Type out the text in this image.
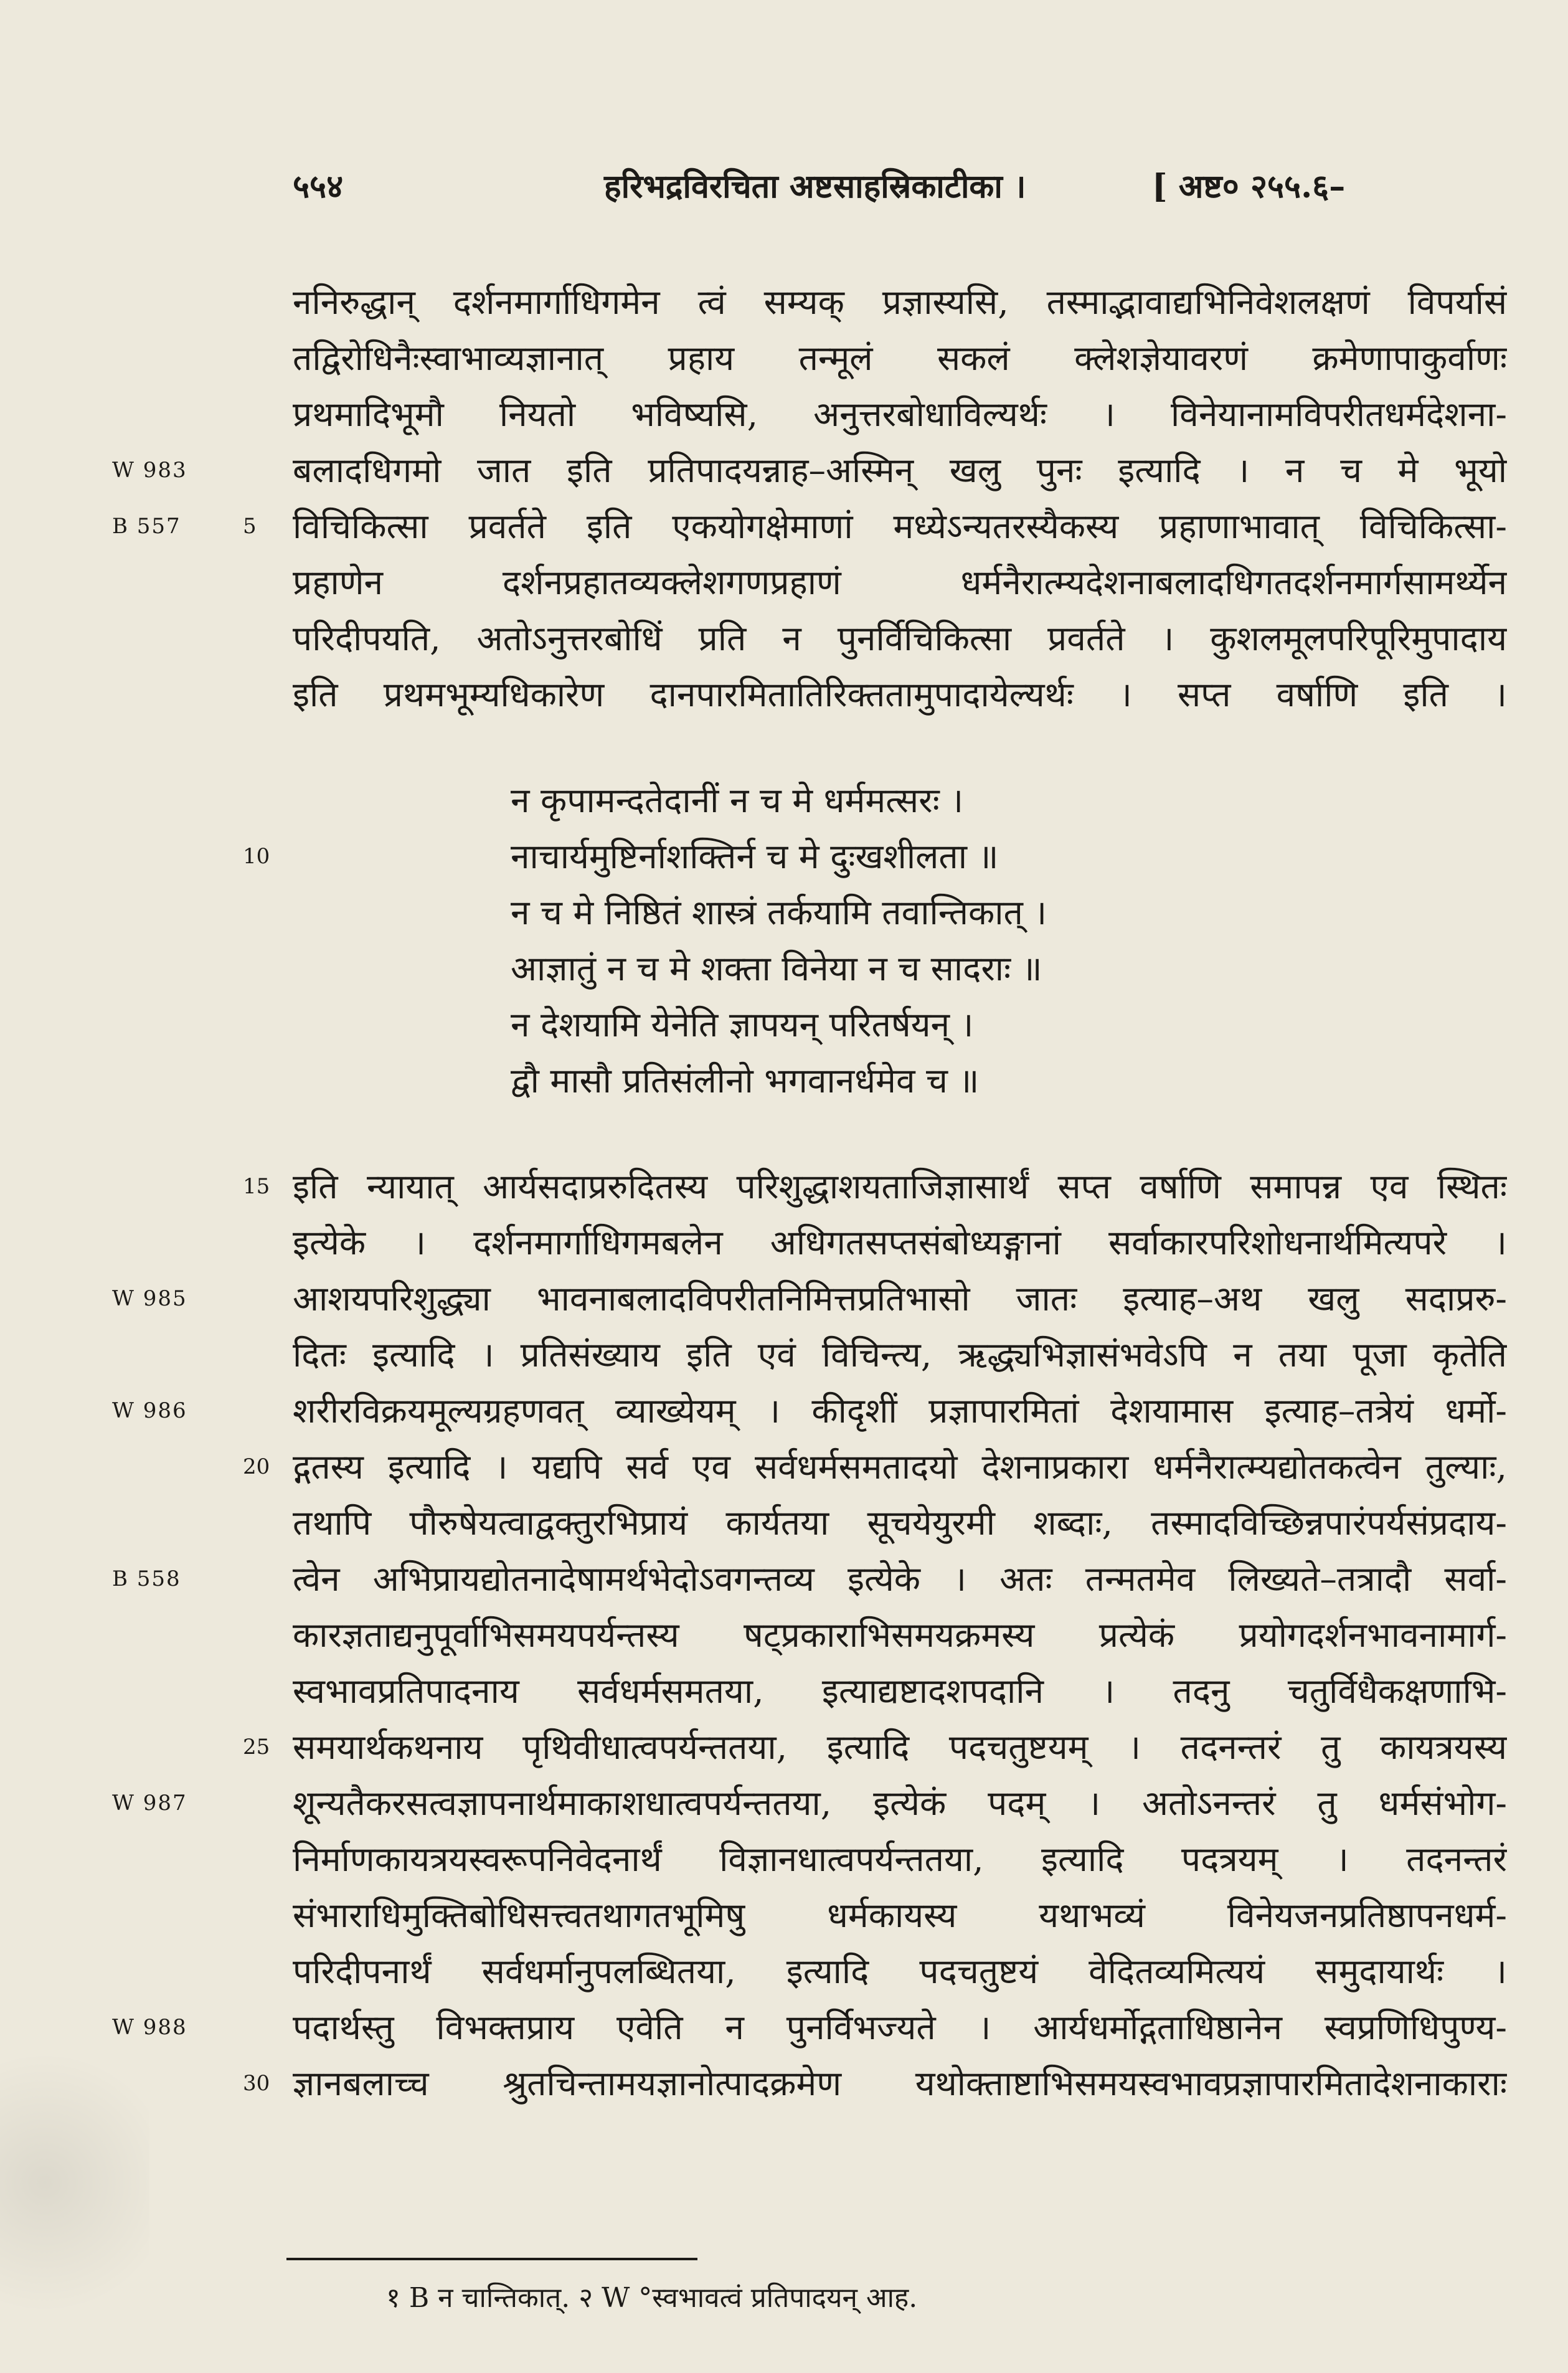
५५४	हरिभद्रविरचिता अष्टसाहस्रिकाटीका ।	[ अष्ट० २५५.६–
ननिरुद्धान् दर्शनमार्गाधिगमेन त्वं सम्यक् प्रज्ञास्यसि, तस्माद्भावाद्यभिनिवेशलक्षणं विपर्यासं
तद्विरोधिनैःस्वाभाव्यज्ञानात् प्रहाय तन्मूलं सकलं क्लेशज्ञेयावरणं क्रमेणापाकुर्वाणः
प्रथमादिभूमौ नियतो भविष्यसि, अनुत्तरबोधाविल्यर्थः । विनेयानामविपरीतधर्मदेशना-
बलादधिगमो जात इति प्रतिपादयन्नाह–अस्मिन् खलु पुनः इत्यादि । न च मे भूयो
विचिकित्सा प्रवर्तते इति एकयोगक्षेमाणां मध्येऽन्यतरस्यैकस्य प्रहाणाभावात् विचिकित्सा-
प्रहाणेन दर्शनप्रहातव्यक्लेशगणप्रहाणं धर्मनैरात्म्यदेशनाबलादधिगतदर्शनमार्गसामर्थ्येन
परिदीपयति, अतोऽनुत्तरबोधिं प्रति न पुनर्विचिकित्सा प्रवर्तते । कुशलमूलपरिपूरिमुपादाय
इति प्रथमभूम्यधिकारेण दानपारमितातिरिक्ततामुपादायेल्यर्थः । सप्त वर्षाणि इति ।
न कृपामन्दतेदानीं न च मे धर्ममत्सरः ।
नाचार्यमुष्टिर्नाशक्तिर्न च मे दुःखशीलता ॥
न च मे निष्ठितं शास्त्रं तर्कयामि तवान्तिकात् ।
आज्ञातुं न च मे शक्ता विनेया न च सादराः ॥
न देशयामि येनेति ज्ञापयन् परितर्षयन् ।
द्वौ मासौ प्रतिसंलीनो भगवानर्धमेव च ॥
इति न्यायात् आर्यसदाप्ररुदितस्य परिशुद्धाशयताजिज्ञासार्थं सप्त वर्षाणि समापन्न एव स्थितः
इत्येके । दर्शनमार्गाधिगमबलेन अधिगतसप्तसंबोध्यङ्गानां सर्वाकारपरिशोधनार्थमित्यपरे ।
आशयपरिशुद्ध्या भावनाबलादविपरीतनिमित्तप्रतिभासो जातः इत्याह–अथ खलु सदाप्ररु-
दितः इत्यादि । प्रतिसंख्याय इति एवं विचिन्त्य, ऋद्ध्यभिज्ञासंभवेऽपि न तया पूजा कृतेति
शरीरविक्रयमूल्यग्रहणवत् व्याख्येयम् । कीदृशीं प्रज्ञापारमितां देशयामास इत्याह–तत्रेयं धर्मो-
द्गतस्य इत्यादि । यद्यपि सर्व एव सर्वधर्मसमतादयो देशनाप्रकारा धर्मनैरात्म्यद्योतकत्वेन तुल्याः,
तथापि पौरुषेयत्वाद्वक्तुरभिप्रायं कार्यतया सूचयेयुरमी शब्दाः, तस्मादविच्छिन्नपारंपर्यसंप्रदाय-
त्वेन अभिप्रायद्योतनादेषामर्थभेदोऽवगन्तव्य इत्येके । अतः तन्मतमेव लिख्यते–तत्रादौ सर्वा-
कारज्ञताद्यनुपूर्वाभिसमयपर्यन्तस्य षट्प्रकाराभिसमयक्रमस्य प्रत्येकं प्रयोगदर्शनभावनामार्ग-
स्वभावप्रतिपादनाय सर्वधर्मसमतया, इत्याद्यष्टादशपदानि । तदनु चतुर्विधैकक्षणाभि-
समयार्थकथनाय पृथिवीधात्वपर्यन्ततया, इत्यादि पदचतुष्टयम् । तदनन्तरं तु कायत्रयस्य
शून्यतैकरसत्वज्ञापनार्थमाकाशधात्वपर्यन्ततया, इत्येकं पदम् । अतोऽनन्तरं तु धर्मसंभोग-
निर्माणकायत्रयस्वरूपनिवेदनार्थं विज्ञानधात्वपर्यन्ततया, इत्यादि पदत्रयम् । तदनन्तरं
संभाराधिमुक्तिबोधिसत्त्वतथागतभूमिषु धर्मकायस्य यथाभव्यं विनेयजनप्रतिष्ठापनधर्म-
परिदीपनार्थं सर्वधर्मानुपलब्धितया, इत्यादि पदचतुष्टयं वेदितव्यमित्ययं समुदायार्थः ।
पदार्थस्तु विभक्तप्राय एवेति न पुनर्विभज्यते । आर्यधर्मोद्गताधिष्ठानेन स्वप्रणिधिपुण्य-
ज्ञानबलाच्च श्रुतचिन्तामयज्ञानोत्पादक्रमेण यथोक्ताष्टाभिसमयस्वभावप्रज्ञापारमितादेशनाकाराः
5
10
15
20
25
30
W 983
B 557
W 985
W 986
B 558
W 987
W 988
१ B न चान्तिकात्. २ W °स्वभावत्वं प्रतिपादयन् आह.
